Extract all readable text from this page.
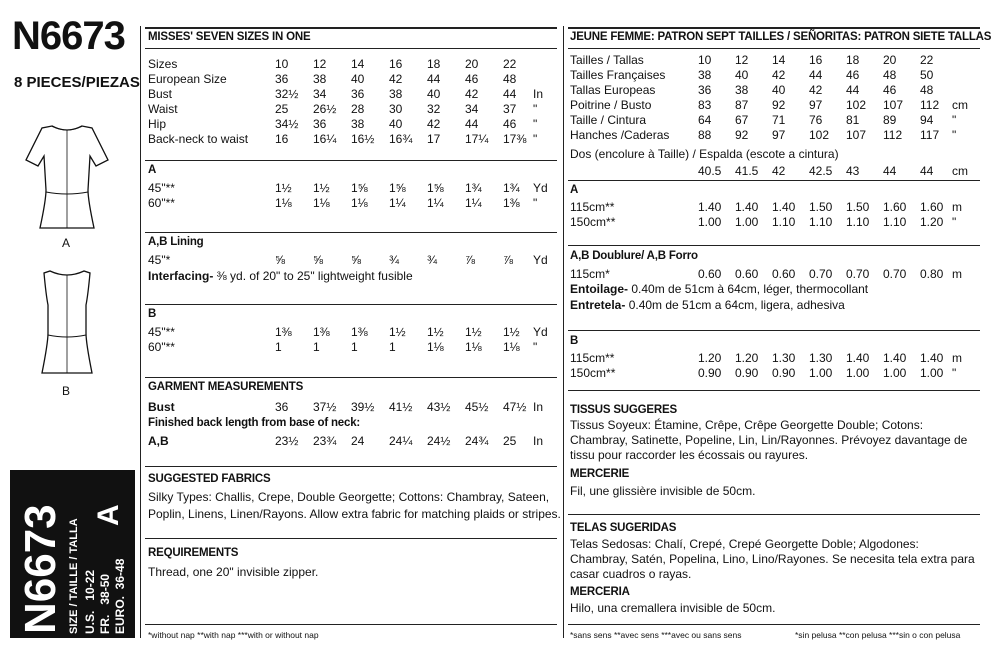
N6673
8 PIECES/PIEZAS
A
B
N6673 SIZE / TAILLE / TALLA U.S.   10-22
FR.   38-50
EURO.  36-48
A
MISSES' SEVEN SIZES IN ONE
Sizes	10	12	14	16	18	20	22	
European Size	36	38	40	42	44	46	48	
Bust	32½	34	36	38	40	42	44	In
Waist	25	26½	28	30	32	34	37	"
Hip	34½	36	38	40	42	44	46	"
Back-neck to waist	16	16¼	16½	16¾	17	17¼	17⅜	"
A
45"**	1½	1½	1⅝	1⅝	1⅝	1¾	1¾	Yd
60"**	1⅛	1⅛	1⅛	1¼	1¼	1¼	1⅜	"
A,B Lining
45"*	⅝	⅝	⅝	¾	¾	⅞	⅞	Yd
Interfacing- ⅜ yd. of 20" to 25" lightweight fusible
B
45"**	1⅜	1⅜	1⅜	1½	1½	1½	1½	Yd
60"**	1	1	1	1	1⅛	1⅛	1⅛	"
GARMENT MEASUREMENTS
Bust	36	37½	39½	41½	43½	45½	47½	In
Finished back length from base of neck:
A,B	23½	23¾	24	24¼	24½	24¾	25	In
SUGGESTED FABRICS
Silky Types: Challis, Crepe, Double Georgette; Cottons: Chambray, Sateen,
Poplin, Linens, Linen/Rayons. Allow extra fabric for matching plaids or stripes.
REQUIREMENTS
Thread, one 20" invisible zipper.
*without nap **with nap ***with or without nap
JEUNE FEMME: PATRON SEPT TAILLES / SEÑORITAS: PATRON SIETE TALLAS
Tailles / Tallas	10	12	14	16	18	20	22	
Tailles Françaises	38	40	42	44	46	48	50	
Tallas Europeas	36	38	40	42	44	46	48	
Poitrine / Busto	83	87	92	97	102	107	112	cm
Taille / Cintura	64	67	71	76	81	89	94	"
Hanches /Caderas	88	92	97	102	107	112	117	"
Dos (encolure à Taille) / Espalda (escote a cintura)
	40.5	41.5	42	42.5	43	44	44	cm
A
115cm**	1.40	1.40	1.40	1.50	1.50	1.60	1.60	m
150cm**	1.00	1.00	1.10	1.10	1.10	1.10	1.20	"
A,B Doublure/ A,B Forro
115cm*	0.60	0.60	0.60	0.70	0.70	0.70	0.80	m
Entoilage- 0.40m de 51cm à 64cm, léger, thermocollant
Entretela- 0.40m de 51cm a 64cm, ligera, adhesiva
B
115cm**	1.20	1.20	1.30	1.30	1.40	1.40	1.40	m
150cm**	0.90	0.90	0.90	1.00	1.00	1.00	1.00	"
TISSUS SUGGERES
Tissus Soyeux: Étamine, Crêpe, Crêpe Georgette Double; Cotons: Chambray, Satinette, Popeline, Lin, Lin/Rayonnes. Prévoyez davantage de tissu pour raccorder les écossais ou rayures.
MERCERIE
Fil, une glissière invisible de 50cm.
TELAS SUGERIDAS
Telas Sedosas: Chalí, Crepé, Crepé Georgette Doble; Algodones: Chambray, Satén, Popelina, Lino, Lino/Rayones. Se necesita tela extra para casar cuadros o rayas.
MERCERIA
Hilo, una cremallera invisible de 50cm.
*sans sens **avec sens ***avec ou sans sens	*sin pelusa **con pelusa ***sin o con pelusa
